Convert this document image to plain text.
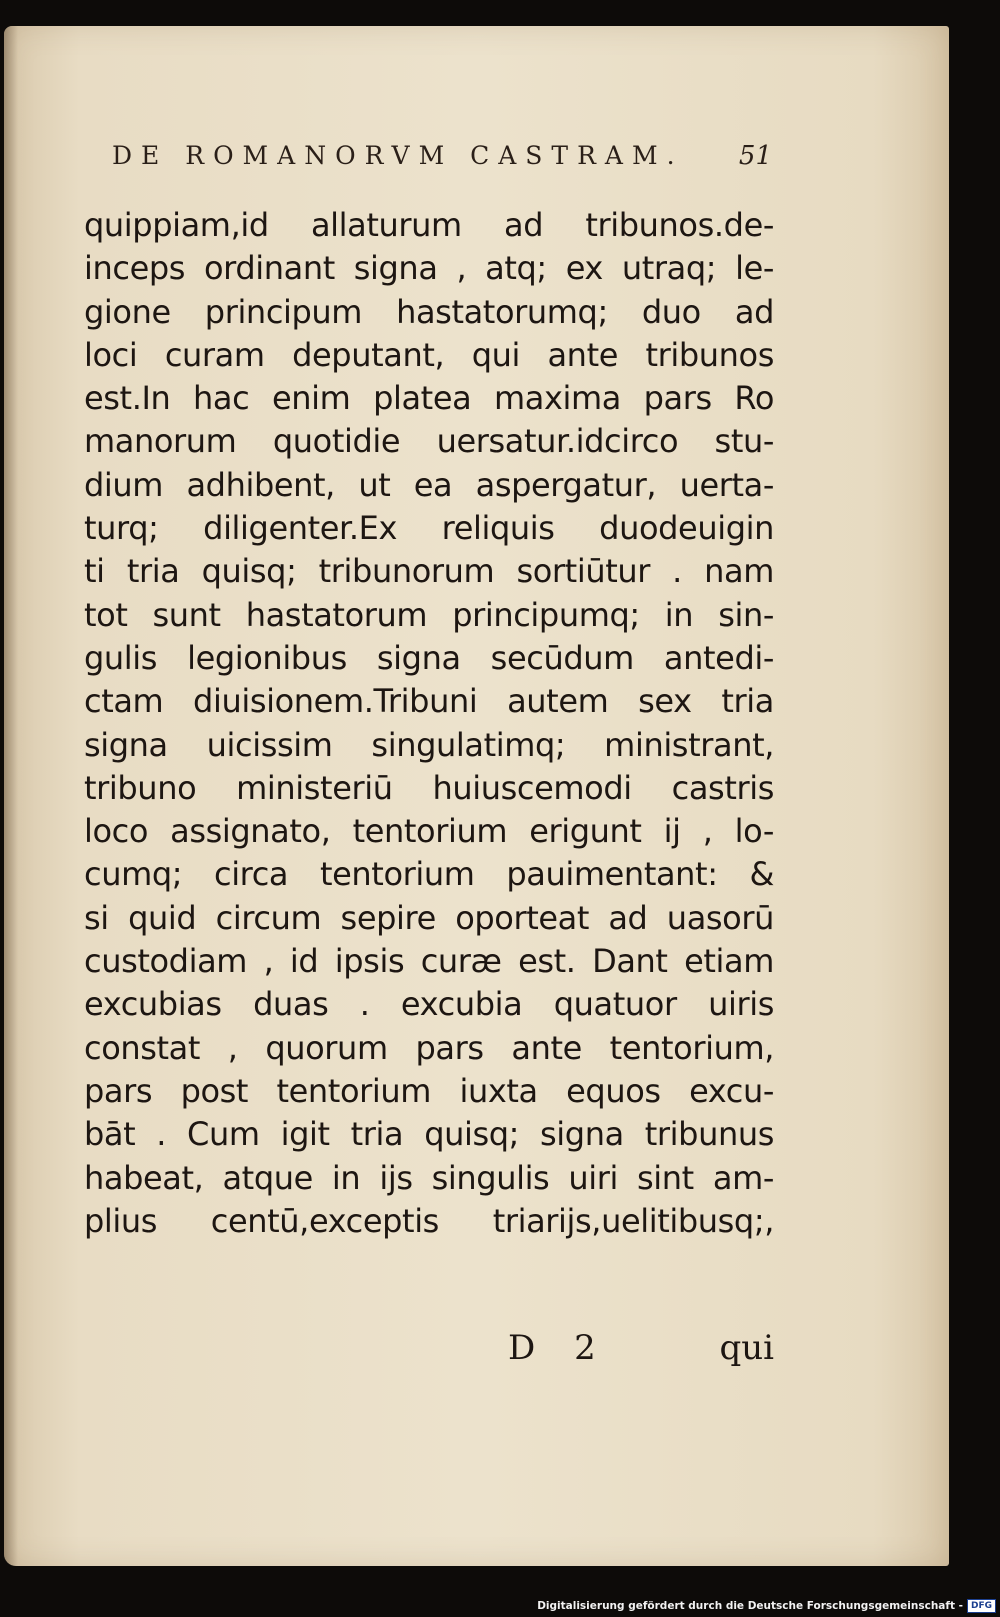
DE ROMANORVM CASTRAM. 51
quippiam,id allaturum ad tribunos.de-
inceps ordinant signa , atq; ex utraq; le-
gione principum hastatorumq; duo ad
loci curam deputant, qui ante tribunos
est.In hac enim platea maxima pars Ro
manorum quotidie uersatur.idcirco stu-
dium adhibent, ut ea aspergatur, uerta-
turq; diligenter.Ex reliquis duodeuigin
ti tria quisq; tribunorum sortiūtur . nam
tot sunt hastatorum principumq; in sin-
gulis legionibus signa secūdum antedi-
ctam diuisionem.Tribuni autem sex tria
signa uicissim singulatimq; ministrant,
tribuno ministeriū huiuscemodi castris
loco assignato, tentorium erigunt ij , lo-
cumq; circa tentorium pauimentant: &
si quid circum sepire oporteat ad uasorū
custodiam , id ipsis curæ est. Dant etiam
excubias duas . excubia quatuor uiris
constat , quorum pars ante tentorium,
pars post tentorium iuxta equos excu-
bāt . Cum igit tria quisq; signa tribunus
habeat, atque in ijs singulis uiri sint am-
plius centū,exceptis triarijs,uelitibusq;,
D 2	qui
Digitalisierung gefördert durch die Deutsche Forschungsgemeinschaft - DFG
